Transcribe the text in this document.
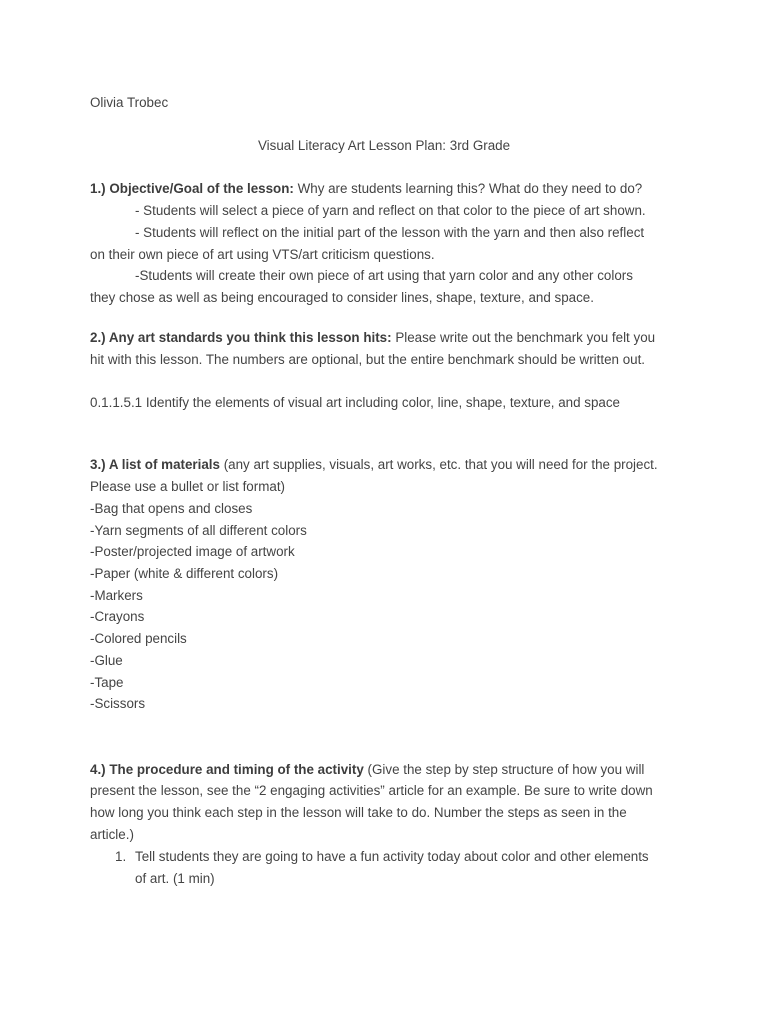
Olivia Trobec
Visual Literacy Art Lesson Plan: 3rd Grade
1.) Objective/Goal of the lesson: Why are students learning this? What do they need to do?
- Students will select a piece of yarn and reflect on that color to the piece of art shown.
- Students will reflect on the initial part of the lesson with the yarn and then also reflect
on their own piece of art using VTS/art criticism questions.
-Students will create their own piece of art using that yarn color and any other colors
they chose as well as being encouraged to consider lines, shape, texture, and space.
2.) Any art standards you think this lesson hits: Please write out the benchmark you felt you
hit with this lesson. The numbers are optional, but the entire benchmark should be written out.
0.1.1.5.1 Identify the elements of visual art including color, line, shape, texture, and space
3.) A list of materials (any art supplies, visuals, art works, etc. that you will need for the project.
Please use a bullet or list format)
-Bag that opens and closes
-Yarn segments of all different colors
-Poster/projected image of artwork
-Paper (white & different colors)
-Markers
-Crayons
-Colored pencils
-Glue
-Tape
-Scissors
4.) The procedure and timing of the activity (Give the step by step structure of how you will
present the lesson, see the “2 engaging activities” article for an example. Be sure to write down
how long you think each step in the lesson will take to do. Number the steps as seen in the
article.)
1. Tell students they are going to have a fun activity today about color and other elements
of art. (1 min)
